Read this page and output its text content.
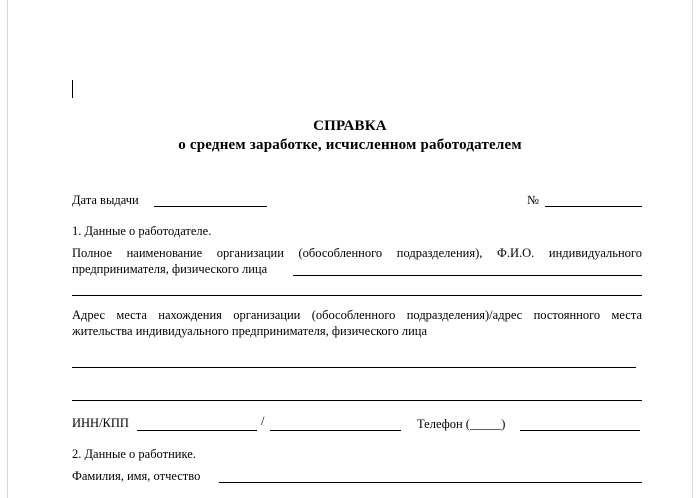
СПРАВКА
о среднем заработке, исчисленном работодателем
Дата выдачи	№
1. Данные о работодателе.
Полное наименование организации (обособленного подразделения), Ф.И.О. индивидуального
предпринимателя, физического лица
Адрес места нахождения организации (обособленного подразделения)/адрес постоянного места
жительства индивидуального предпринимателя, физического лица
ИНН/КПП	/	Телефон (_____)
2. Данные о работнике.
Фамилия, имя, отчество
